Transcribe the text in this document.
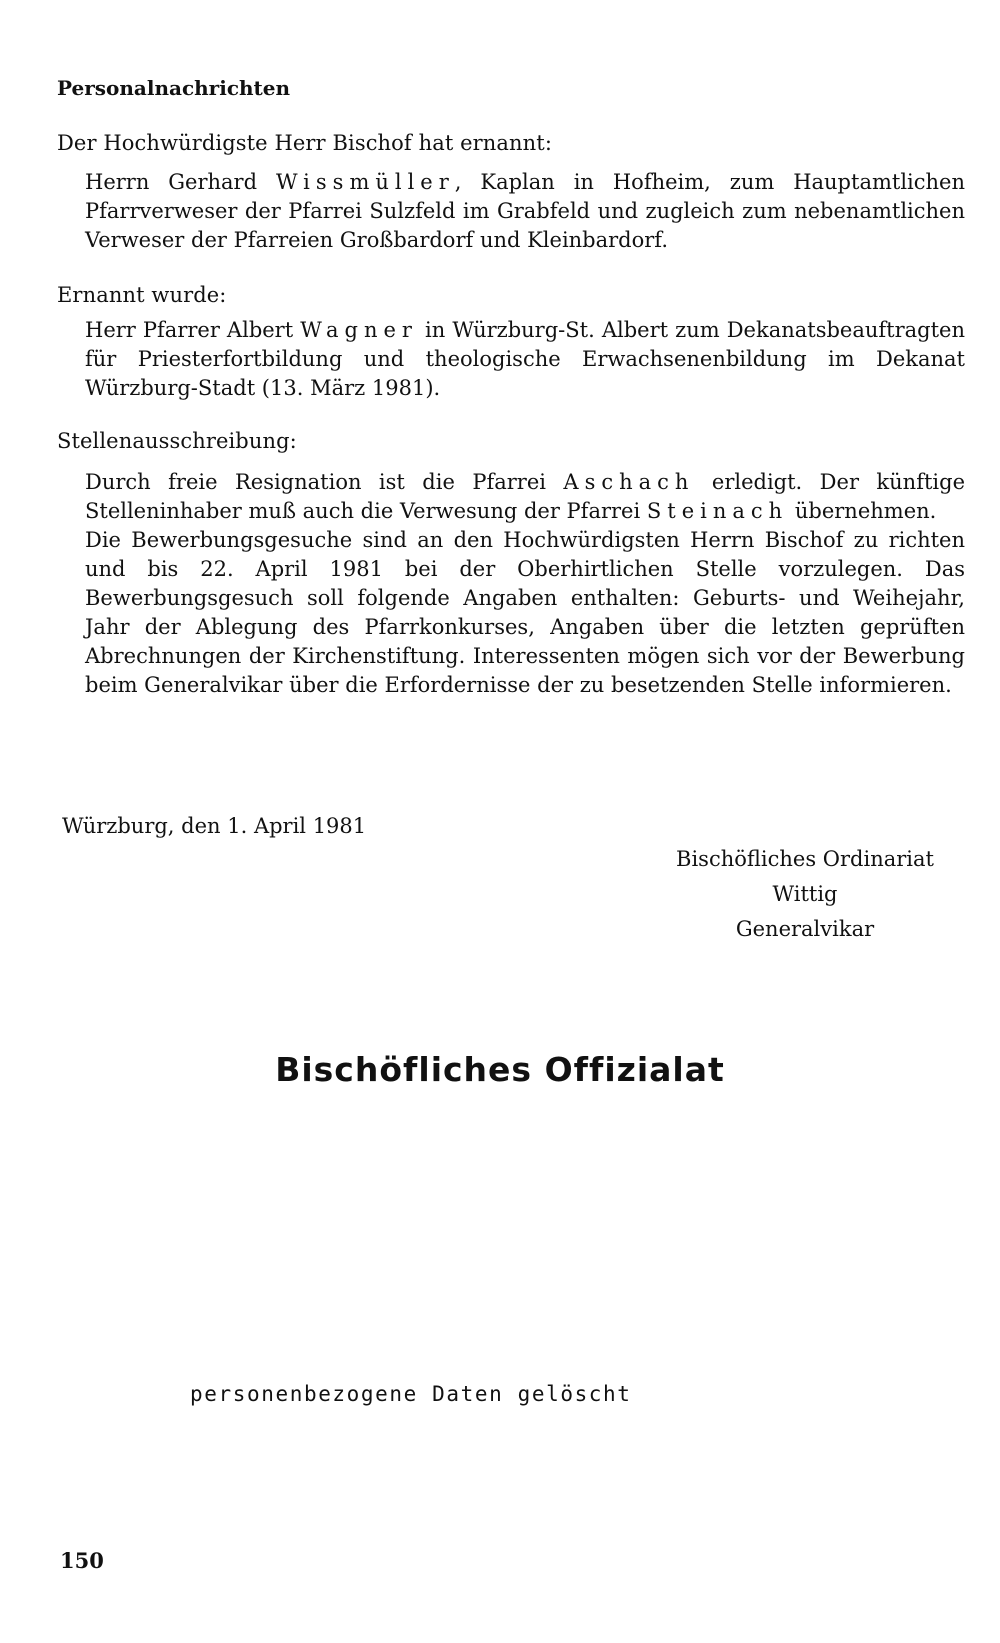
Personalnachrichten
Der Hochwürdigste Herr Bischof hat ernannt:

Herrn Gerhard Wissmüller, Kaplan in Hofheim, zum Hauptamtlichen Pfarrverweser der Pfarrei Sulzfeld im Grabfeld und zugleich zum nebenamtlichen Verweser der Pfarreien Großbardorf und Kleinbardorf.

Ernannt wurde:

Herr Pfarrer Albert Wagner in Würzburg-St. Albert zum Dekanatsbeauftragten für Priesterfortbildung und theologische Erwachsenenbildung im Dekanat Würzburg-Stadt (13. März 1981).

Stellenausschreibung:

Durch freie Resignation ist die Pfarrei Aschach erledigt. Der künftige Stelleninhaber muß auch die Verwesung der Pfarrei Steinach übernehmen.

Die Bewerbungsgesuche sind an den Hochwürdigsten Herrn Bischof zu richten und bis 22. April 1981 bei der Oberhirtlichen Stelle vorzulegen. Das Bewerbungsgesuch soll folgende Angaben enthalten: Geburts- und Weihejahr, Jahr der Ablegung des Pfarrkonkurses, Angaben über die letzten geprüften Abrechnungen der Kirchenstiftung. Interessenten mögen sich vor der Bewerbung beim Generalvikar über die Erfordernisse der zu besetzenden Stelle informieren.

Würzburg, den 1. April 1981
Bischöfliches Ordinariat
Wittig
Generalvikar
Bischöfliches Offizialat
personenbezogene Daten gelöscht
150
